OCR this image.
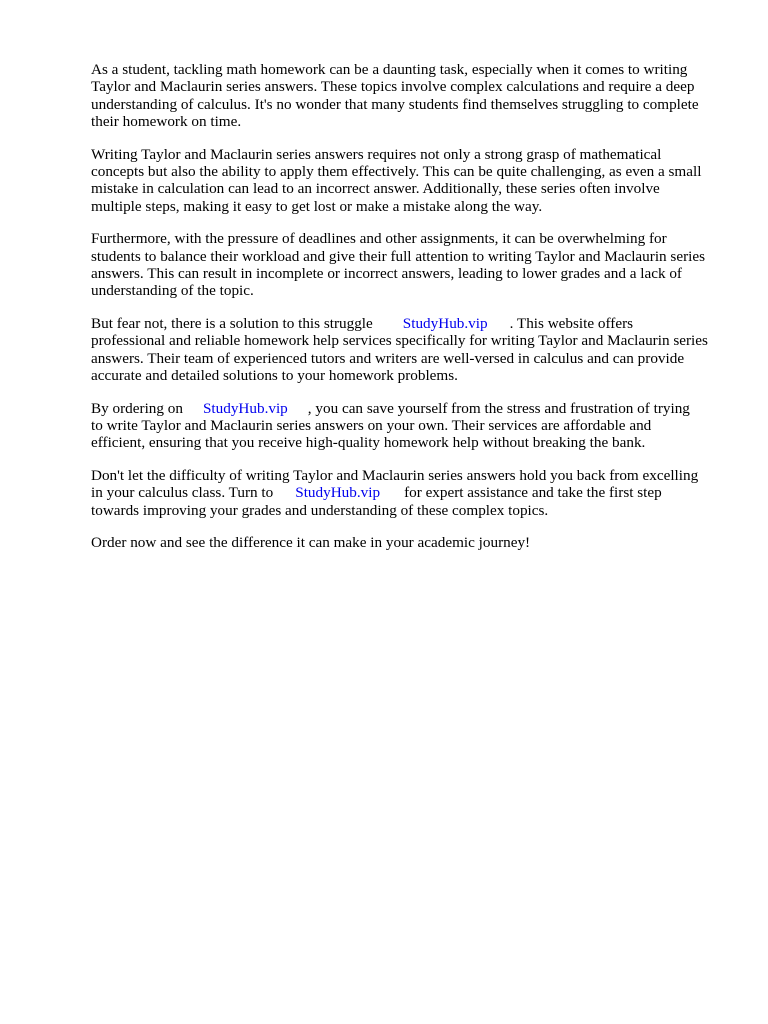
As a student, tackling math homework can be a daunting task, especially when it comes to writing
Taylor and Maclaurin series answers. These topics involve complex calculations and require a deep
understanding of calculus. It's no wonder that many students find themselves struggling to complete
their homework on time.

Writing Taylor and Maclaurin series answers requires not only a strong grasp of mathematical
concepts but also the ability to apply them effectively. This can be quite challenging, as even a small
mistake in calculation can lead to an incorrect answer. Additionally, these series often involve
multiple steps, making it easy to get lost or make a mistake along the way.

Furthermore, with the pressure of deadlines and other assignments, it can be overwhelming for
students to balance their workload and give their full attention to writing Taylor and Maclaurin series
answers. This can result in incomplete or incorrect answers, leading to lower grades and a lack of
understanding of the topic.

But fear not, there is a solution to this struggle StudyHub.vip . This website offers
professional and reliable homework help services specifically for writing Taylor and Maclaurin series
answers. Their team of experienced tutors and writers are well-versed in calculus and can provide
accurate and detailed solutions to your homework problems.

By ordering on StudyHub.vip , you can save yourself from the stress and frustration of trying
to write Taylor and Maclaurin series answers on your own. Their services are affordable and
efficient, ensuring that you receive high-quality homework help without breaking the bank.

Don't let the difficulty of writing Taylor and Maclaurin series answers hold you back from excelling
in your calculus class. Turn to StudyHub.vip for expert assistance and take the first step
towards improving your grades and understanding of these complex topics.

Order now and see the difference it can make in your academic journey!
